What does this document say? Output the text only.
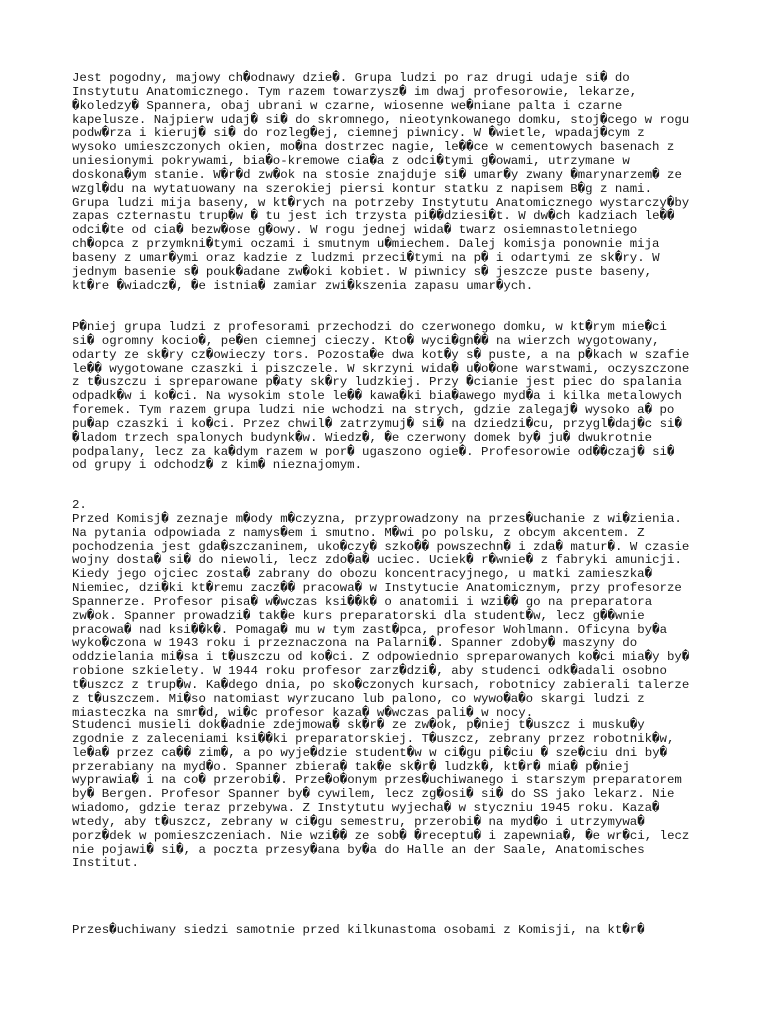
Jest pogodny, majowy ch�odnawy dzie�. Grupa ludzi po raz drugi udaje si� do
Instytutu Anatomicznego. Tym razem towarzysz� im dwaj profesorowie, lekarze,
�koledzy� Spannera, obaj ubrani w czarne, wiosenne we�niane palta i czarne
kapelusze. Najpierw udaj� si� do skromnego, nieotynkowanego domku, stoj�cego w rogu
podw�rza i kieruj� si� do rozleg�ej, ciemnej piwnicy. W �wietle, wpadaj�cym z
wysoko umieszczonych okien, mo�na dostrzec nagie, le��ce w cementowych basenach z
uniesionymi pokrywami, bia�o-kremowe cia�a z odci�tymi g�owami, utrzymane w
doskona�ym stanie. W�r�d zw�ok na stosie znajduje si� umar�y zwany �marynarzem� ze
wzgl�du na wytatuowany na szerokiej piersi kontur statku z napisem B�g z nami.
Grupa ludzi mija baseny, w kt�rych na potrzeby Instytutu Anatomicznego wystarczy�by
zapas czternastu trup�w � tu jest ich trzysta pi��dziesi�t. W dw�ch kadziach le��
odci�te od cia� bezw�ose g�owy. W rogu jednej wida� twarz osiemnastoletniego
ch�opca z przymkni�tymi oczami i smutnym u�miechem. Dalej komisja ponownie mija
baseny z umar�ymi oraz kadzie z ludzmi przeci�tymi na p� i odartymi ze sk�ry. W
jednym basenie s� pouk�adane zw�oki kobiet. W piwnicy s� jeszcze puste baseny,
kt�re �wiadcz�, �e istnia� zamiar zwi�kszenia zapasu umar�ych.

P�niej grupa ludzi z profesorami przechodzi do czerwonego domku, w kt�rym mie�ci
si� ogromny kocio�, pe�en ciemnej cieczy. Kto� wyci�gn�� na wierzch wygotowany,
odarty ze sk�ry cz�owieczy tors. Pozosta�e dwa kot�y s� puste, a na p�kach w szafie
le�� wygotowane czaszki i piszczele. W skrzyni wida� u�o�one warstwami, oczyszczone
z t�uszczu i spreparowane p�aty sk�ry ludzkiej. Przy �cianie jest piec do spalania
odpadk�w i ko�ci. Na wysokim stole le�� kawa�ki bia�awego myd�a i kilka metalowych
foremek. Tym razem grupa ludzi nie wchodzi na strych, gdzie zalegaj� wysoko a� po
pu�ap czaszki i ko�ci. Przez chwil� zatrzymuj� si� na dziedzi�cu, przygl�daj�c si�
�ladom trzech spalonych budynk�w. Wiedz�, �e czerwony domek by� ju� dwukrotnie
podpalany, lecz za ka�dym razem w por� ugaszono ogie�. Profesorowie od��czaj� si�
od grupy i odchodz� z kim� nieznajomym.

2.
Przed Komisj� zeznaje m�ody m�czyzna, przyprowadzony na przes�uchanie z wi�zienia.
Na pytania odpowiada z namys�em i smutno. M�wi po polsku, z obcym akcentem. Z
pochodzenia jest gda�szczaninem, uko�czy� szko�� powszechn� i zda� matur�. W czasie
wojny dosta� si� do niewoli, lecz zdo�a� uciec. Uciek� r�wnie� z fabryki amunicji.
Kiedy jego ojciec zosta� zabrany do obozu koncentracyjnego, u matki zamieszka�
Niemiec, dzi�ki kt�remu zacz�� pracowa� w Instytucie Anatomicznym, przy profesorze
Spannerze. Profesor pisa� w�wczas ksi��k� o anatomii i wzi�� go na preparatora
zw�ok. Spanner prowadzi� tak�e kurs preparatorski dla student�w, lecz g��wnie
pracowa� nad ksi��k�. Pomaga� mu w tym zast�pca, profesor Wohlmann. Oficyna by�a
wyko�czona w 1943 roku i przeznaczona na Palarni�. Spanner zdoby� maszyny do
oddzielania mi�sa i t�uszczu od ko�ci. Z odpowiednio spreparowanych ko�ci mia�y by�
robione szkielety. W 1944 roku profesor zarz�dzi�, aby studenci odk�adali osobno
t�uszcz z trup�w. Ka�dego dnia, po sko�czonych kursach, robotnicy zabierali talerze
z t�uszczem. Mi�so natomiast wyrzucano lub palono, co wywo�a�o skargi ludzi z
miasteczka na smr�d, wi�c profesor kaza� w�wczas pali� w nocy.

Studenci musieli dok�adnie zdejmowa� sk�r� ze zw�ok, p�niej t�uszcz i musku�y
zgodnie z zaleceniami ksi��ki preparatorskiej. T�uszcz, zebrany przez robotnik�w,
le�a� przez ca�� zim�, a po wyje�dzie student�w w ci�gu pi�ciu � sze�ciu dni by�
przerabiany na myd�o. Spanner zbiera� tak�e sk�r� ludzk�, kt�r� mia� p�niej
wyprawia� i na co� przerobi�. Prze�o�onym przes�uchiwanego i starszym preparatorem
by� Bergen. Profesor Spanner by� cywilem, lecz zg�osi� si� do SS jako lekarz. Nie
wiadomo, gdzie teraz przebywa. Z Instytutu wyjecha� w styczniu 1945 roku. Kaza�
wtedy, aby t�uszcz, zebrany w ci�gu semestru, przerobi� na myd�o i utrzymywa�
porz�dek w pomieszczeniach. Nie wzi�� ze sob� �receptu� i zapewnia�, �e wr�ci, lecz
nie pojawi� si�, a poczta przesy�ana by�a do Halle an der Saale, Anatomisches
Institut.

Przes�uchiwany siedzi samotnie przed kilkunastoma osobami z Komisji, na kt�r�
